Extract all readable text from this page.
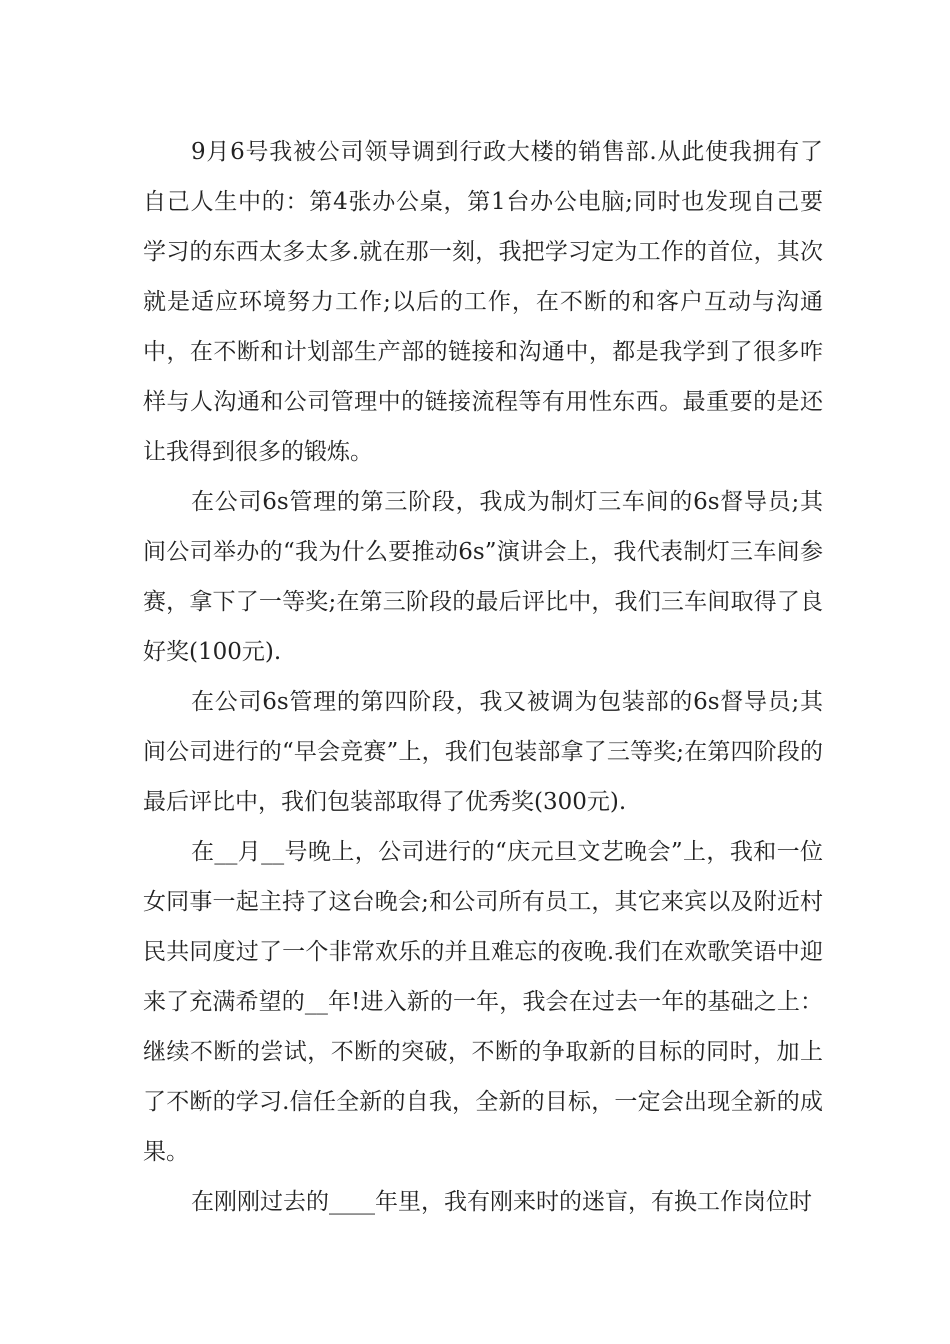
9月6号我被公司领导调到行政大楼的销售部.从此使我拥有了自己人生中的：第4张办公桌，第1台办公电脑;同时也发现自己要学习的东西太多太多.就在那一刻，我把学习定为工作的首位，其次就是适应环境努力工作;以后的工作，在不断的和客户互动与沟通中，在不断和计划部生产部的链接和沟通中，都是我学到了很多咋样与人沟通和公司管理中的链接流程等有用性东西。最重要的是还让我得到很多的锻炼。

在公司6s管理的第三阶段，我成为制灯三车间的6s督导员;其间公司举办的“我为什么要推动6s”演讲会上，我代表制灯三车间参赛，拿下了一等奖;在第三阶段的最后评比中，我们三车间取得了良好奖(100元).

在公司6s管理的第四阶段，我又被调为包装部的6s督导员;其间公司进行的“早会竞赛”上，我们包装部拿了三等奖;在第四阶段的最后评比中，我们包装部取得了优秀奖(300元).

在__月__号晚上，公司进行的“庆元旦文艺晚会”上，我和一位女同事一起主持了这台晚会;和公司所有员工，其它来宾以及附近村民共同度过了一个非常欢乐的并且难忘的夜晚.我们在欢歌笑语中迎来了充满希望的__年!进入新的一年，我会在过去一年的基础之上：继续不断的尝试，不断的突破，不断的争取新的目标的同时，加上了不断的学习.信任全新的自我，全新的目标，一定会出现全新的成果。

在刚刚过去的____年里，我有刚来时的迷盲，有换工作岗位时
